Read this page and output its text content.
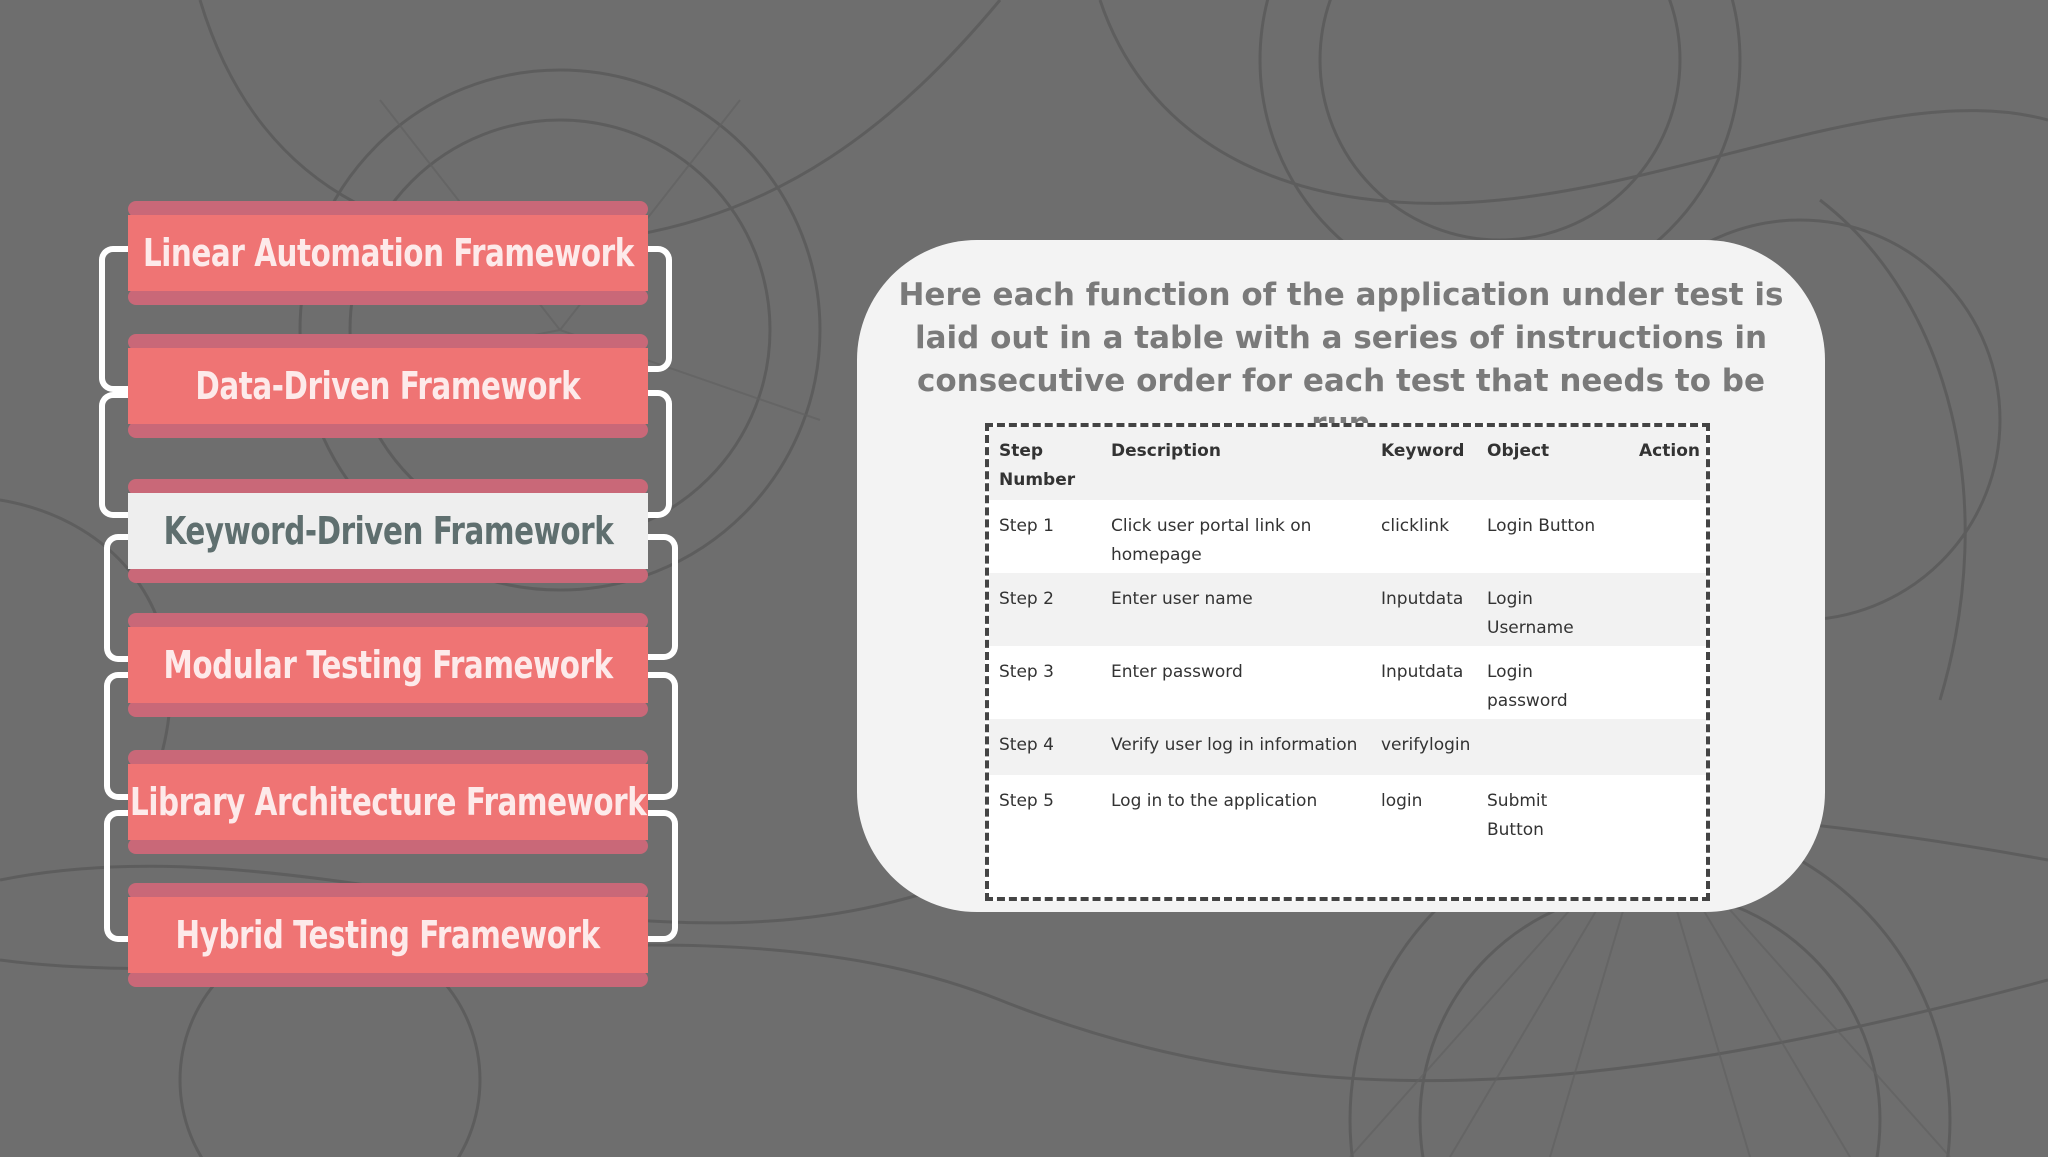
Linear Automation Framework
Data-Driven Framework
Keyword-Driven Framework
Modular Testing Framework
Library Architecture Framework
Hybrid Testing Framework

Here each function of the application under test is laid out in a table with a series of instructions in consecutive order for each test that needs to be

Step Number	Description	Keyword	Object	Action
Step 1	Click user portal link on homepage	clicklink	Login Button	
Step 2	Enter user name	Inputdata	Login Username	
Step 3	Enter password	Inputdata	Login password	
Step 4	Verify user log in information	verifylogin		
Step 5	Log in to the application	login	Submit Button	
